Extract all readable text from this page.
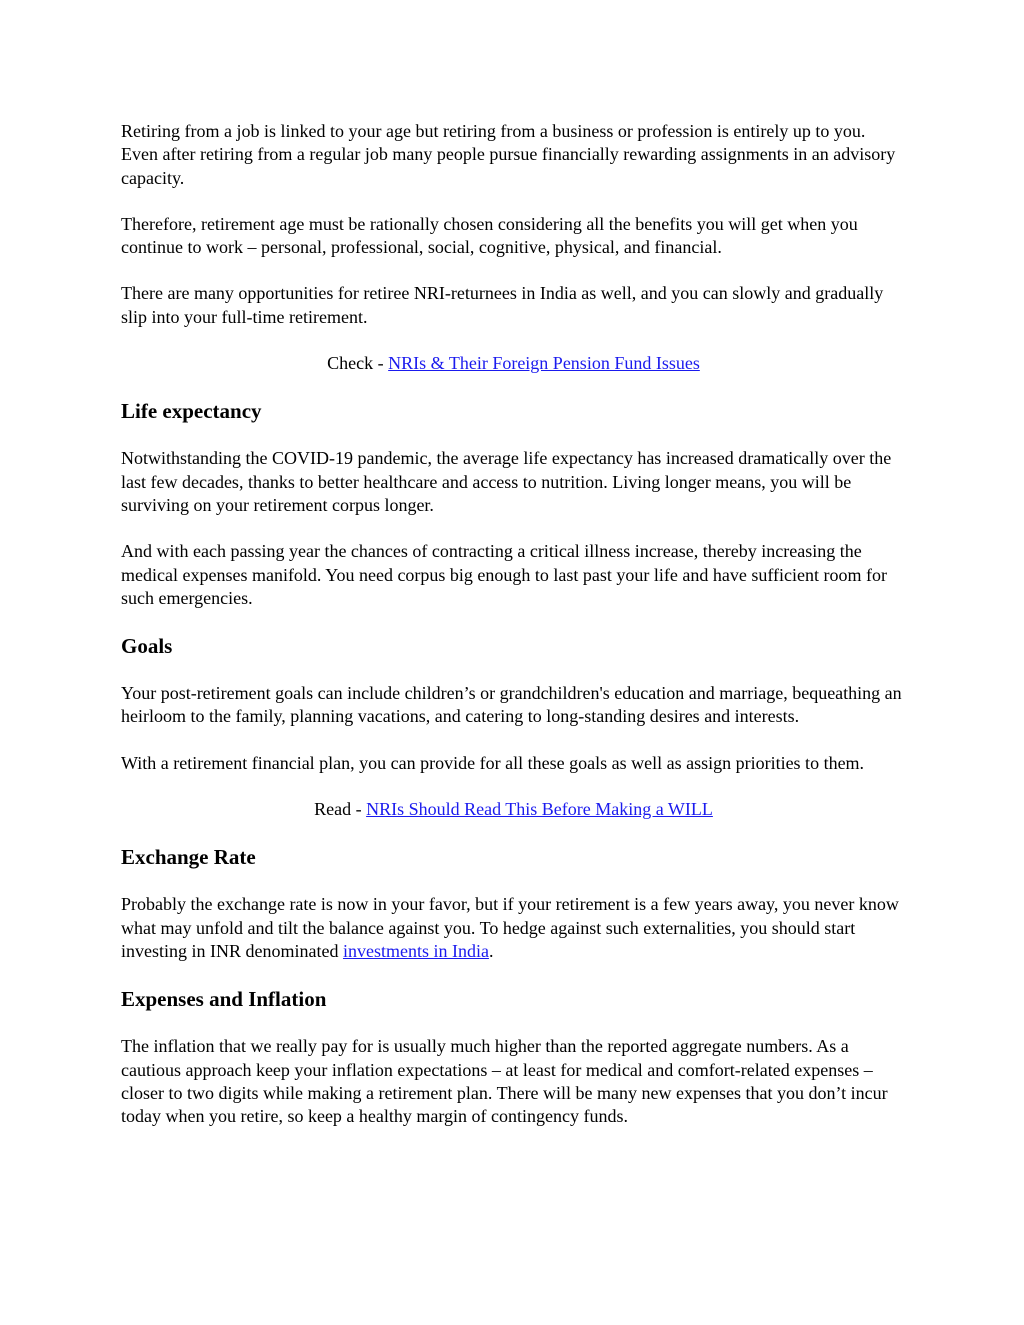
Retiring from a job is linked to your age but retiring from a business or profession is entirely up to you. Even after retiring from a regular job many people pursue financially rewarding assignments in an advisory capacity.

Therefore, retirement age must be rationally chosen considering all the benefits you will get when you continue to work – personal, professional, social, cognitive, physical, and financial.

There are many opportunities for retiree NRI-returnees in India as well, and you can slowly and gradually slip into your full-time retirement.

Check - NRIs & Their Foreign Pension Fund Issues

Life expectancy

Notwithstanding the COVID-19 pandemic, the average life expectancy has increased dramatically over the last few decades, thanks to better healthcare and access to nutrition. Living longer means, you will be surviving on your retirement corpus longer.

And with each passing year the chances of contracting a critical illness increase, thereby increasing the medical expenses manifold. You need corpus big enough to last past your life and have sufficient room for such emergencies.

Goals

Your post-retirement goals can include children’s or grandchildren's education and marriage, bequeathing an heirloom to the family, planning vacations, and catering to long-standing desires and interests.

With a retirement financial plan, you can provide for all these goals as well as assign priorities to them.

Read - NRIs Should Read This Before Making a WILL

Exchange Rate

Probably the exchange rate is now in your favor, but if your retirement is a few years away, you never know what may unfold and tilt the balance against you. To hedge against such externalities, you should start investing in INR denominated investments in India.

Expenses and Inflation

The inflation that we really pay for is usually much higher than the reported aggregate numbers. As a cautious approach keep your inflation expectations – at least for medical and comfort-related expenses – closer to two digits while making a retirement plan. There will be many new expenses that you don’t incur today when you retire, so keep a healthy margin of contingency funds.
